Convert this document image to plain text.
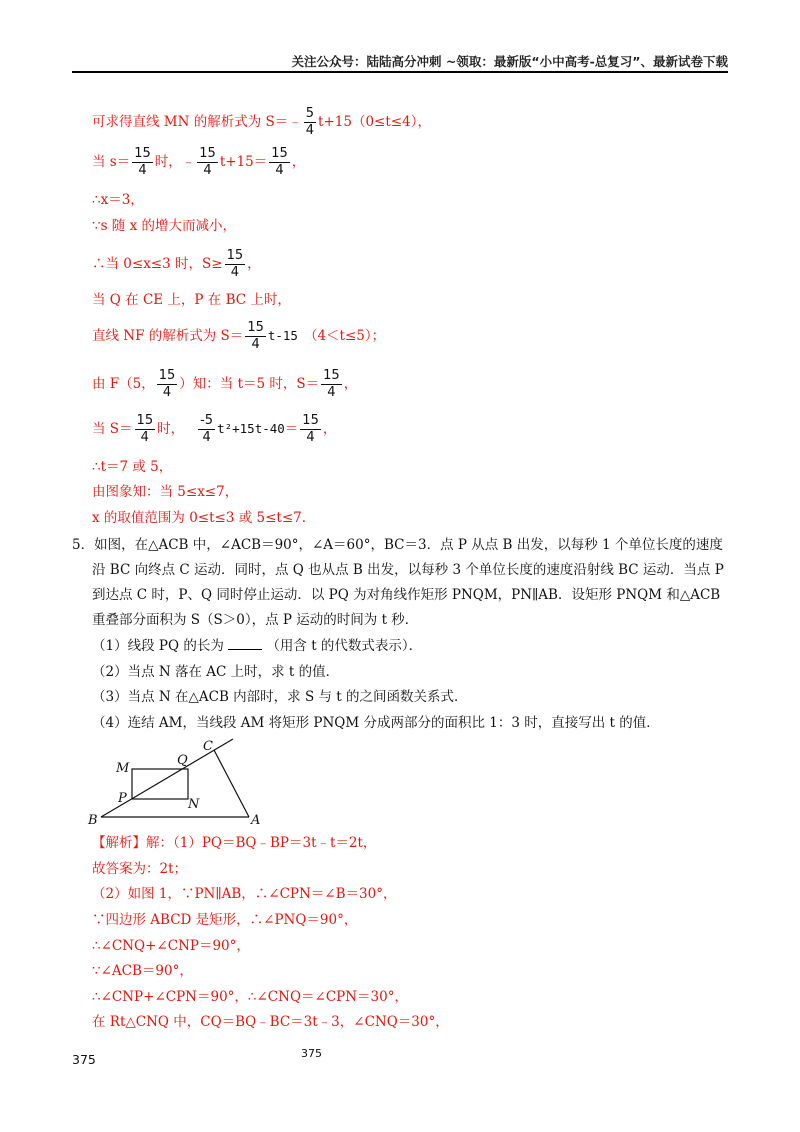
关注公众号：陆陆高分冲刺 ~领取：最新版“小中高考-总复习”、最新试卷下载
可求得直线 MN 的解析式为 S＝﹣ $\frac{5}{4} t+15(0\le t\le 4)$，
当 $s= \frac{15}{4}$ 时，﹣ $\frac{15}{4} t+15= \frac{15}{4}$ ，
∴x＝3，
∵s 随 x 的增大而减小，
∴当 0≤x≤3 时，$S\ge \frac{15}{4}$ ，
当 Q 在 CE 上，P 在 BC 上时，
直线 NF 的解析式为 $S= \frac{15}{4} t-15$ （4＜t≤5）；
由 F（5， $\frac{15}{4}$ ）知：当 t＝5 时，$S= \frac{15}{4}$ ，
当 $S= \frac{15}{4}$ 时， $\frac{-5}{4} t^2+15t-40= \frac{15}{4}$ ，
∴t＝7 或 5，
由图象知：当 5≤x≤7，
x 的取值范围为 0≤t≤3 或 5≤t≤7.
5．如图，在△ACB 中，∠ACB＝90°，∠A＝60°，BC＝3．点 P 从点 B 出发，以每秒 1 个单位长度的速度
沿 BC 向终点 C 运动．同时，点 Q 也从点 B 出发，以每秒 3 个单位长度的速度沿射线 BC 运动．当点 P
到达点 C 时，P、Q 同时停止运动．以 PQ 为对角线作矩形 PNQM，PN∥AB．设矩形 PNQM 和△ACB
重叠部分面积为 S（S＞0），点 P 运动的时间为 t 秒．
（1）线段 PQ 的长为	（用含 t 的代数式表示）．
（2）当点 N 落在 AC 上时，求 t 的值．
（3）当点 N 在△ACB 内部时，求 S 与 t 的之间函数关系式．
（4）连结 AM，当线段 AM 将矩形 PNQM 分成两部分的面积比 1：3 时，直接写出 t 的值．
B	A
C
M
Q
P	N
【解析】解：（1）PQ＝BQ﹣BP＝3t﹣t＝2t，
故答案为：2t；
（2）如图 1，∵PN∥AB，∴∠CPN＝∠B＝30°，
∵四边形 ABCD 是矩形，∴∠PNQ＝90°，
∴∠CNQ+∠CNP＝90°，
∵∠ACB＝90°，
∴∠CNP+∠CPN＝90°，∴∠CNQ＝∠CPN＝30°，
在 Rt△CNQ 中，CQ＝BQ﹣BC＝3t﹣3，∠CNQ＝30°，
375	375
